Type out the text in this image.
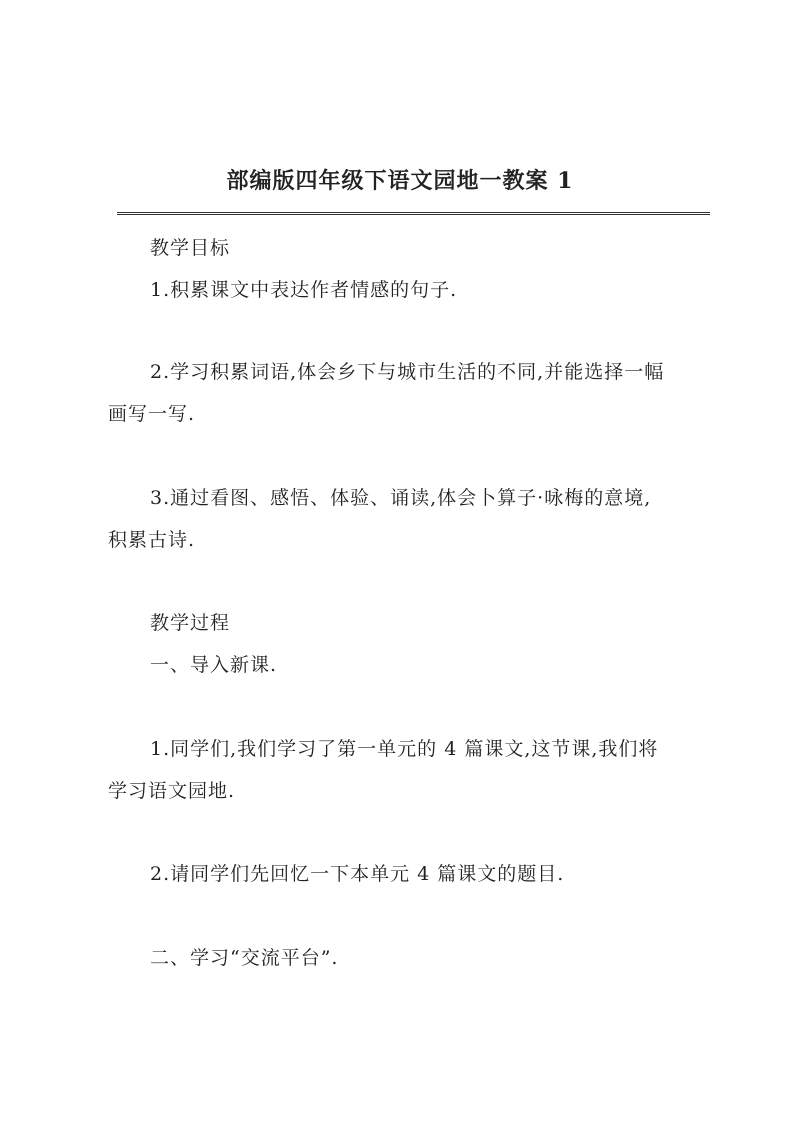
部编版四年级下语文园地一教案 1
教学目标
1.积累课文中表达作者情感的句子.
2.学习积累词语,体会乡下与城市生活的不同,并能选择一幅
画写一写.
3.通过看图、感悟、体验、诵读,体会卜算子·咏梅的意境,
积累古诗.
教学过程
一、导入新课.
1.同学们,我们学习了第一单元的 4 篇课文,这节课,我们将
学习语文园地.
2.请同学们先回忆一下本单元 4 篇课文的题目.
二、学习“交流平台”.
